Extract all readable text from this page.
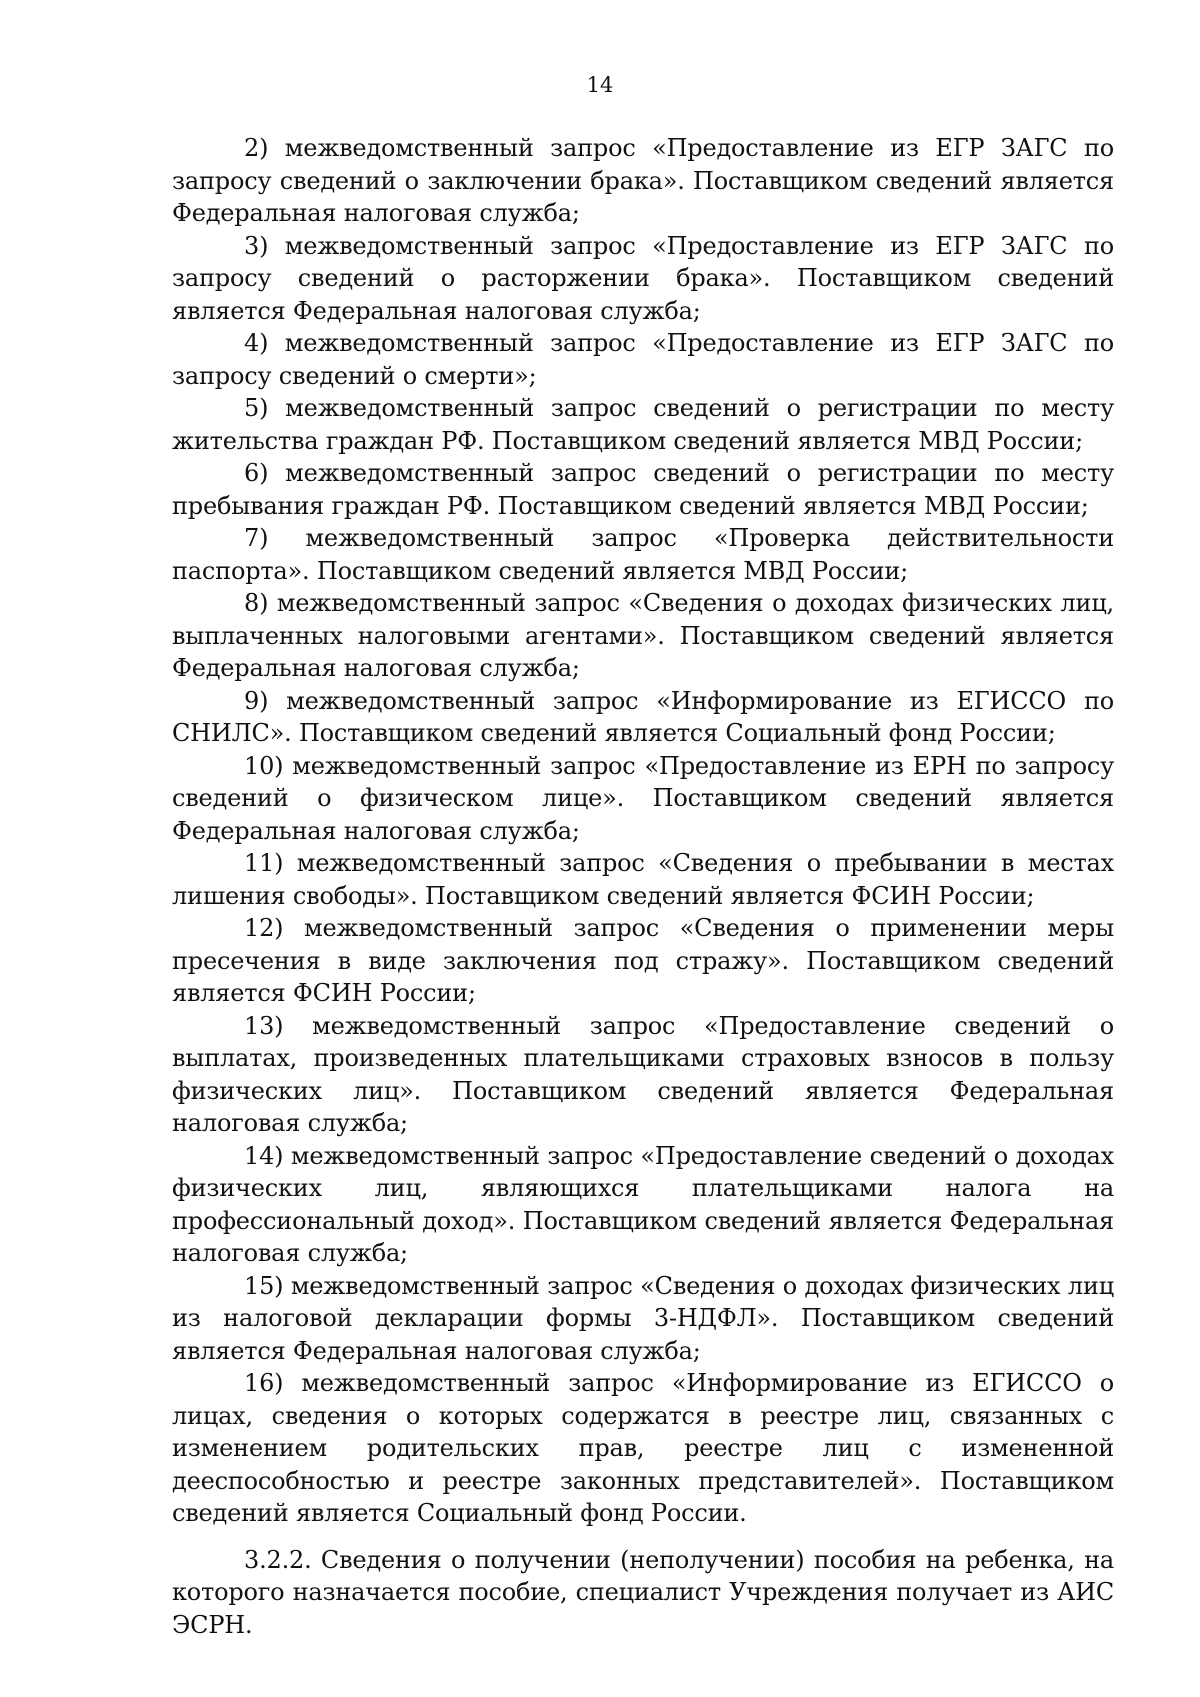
14

2) межведомственный запрос «Предоставление из ЕГР ЗАГС по запросу сведений о заключении брака». Поставщиком сведений является Федеральная налоговая служба;

3) межведомственный запрос «Предоставление из ЕГР ЗАГС по запросу сведений о расторжении брака». Поставщиком сведений является Федеральная налоговая служба;

4) межведомственный запрос «Предоставление из ЕГР ЗАГС по запросу сведений о смерти»;

5) межведомственный запрос сведений о регистрации по месту жительства граждан РФ. Поставщиком сведений является МВД России;

6) межведомственный запрос сведений о регистрации по месту пребывания граждан РФ. Поставщиком сведений является МВД России;

7) межведомственный запрос «Проверка действительности паспорта». Поставщиком сведений является МВД России;

8) межведомственный запрос «Сведения о доходах физических лиц, выплаченных налоговыми агентами». Поставщиком сведений является Федеральная налоговая служба;

9) межведомственный запрос «Информирование из ЕГИССО по СНИЛС». Поставщиком сведений является Социальный фонд России;

10) межведомственный запрос «Предоставление из ЕРН по запросу сведений о физическом лице». Поставщиком сведений является Федеральная налоговая служба;

11) межведомственный запрос «Сведения о пребывании в местах лишения свободы». Поставщиком сведений является ФСИН России;

12) межведомственный запрос «Сведения о применении меры пресечения в виде заключения под стражу». Поставщиком сведений является ФСИН России;

13) межведомственный запрос «Предоставление сведений о выплатах, произведенных плательщиками страховых взносов в пользу физических лиц». Поставщиком сведений является Федеральная налоговая служба;

14) межведомственный запрос «Предоставление сведений о доходах физических лиц, являющихся плательщиками налога на профессиональный доход». Поставщиком сведений является Федеральная налоговая служба;

15) межведомственный запрос «Сведения о доходах физических лиц из налоговой декларации формы 3-НДФЛ». Поставщиком сведений является Федеральная налоговая служба;

16) межведомственный запрос «Информирование из ЕГИССО о лицах, сведения о которых содержатся в реестре лиц, связанных с изменением родительских прав, реестре лиц с измененной дееспособностью и реестре законных представителей». Поставщиком сведений является Социальный фонд России.

3.2.2. Сведения о получении (неполучении) пособия на ребенка, на которого назначается пособие, специалист Учреждения получает из АИС ЭСРН.
